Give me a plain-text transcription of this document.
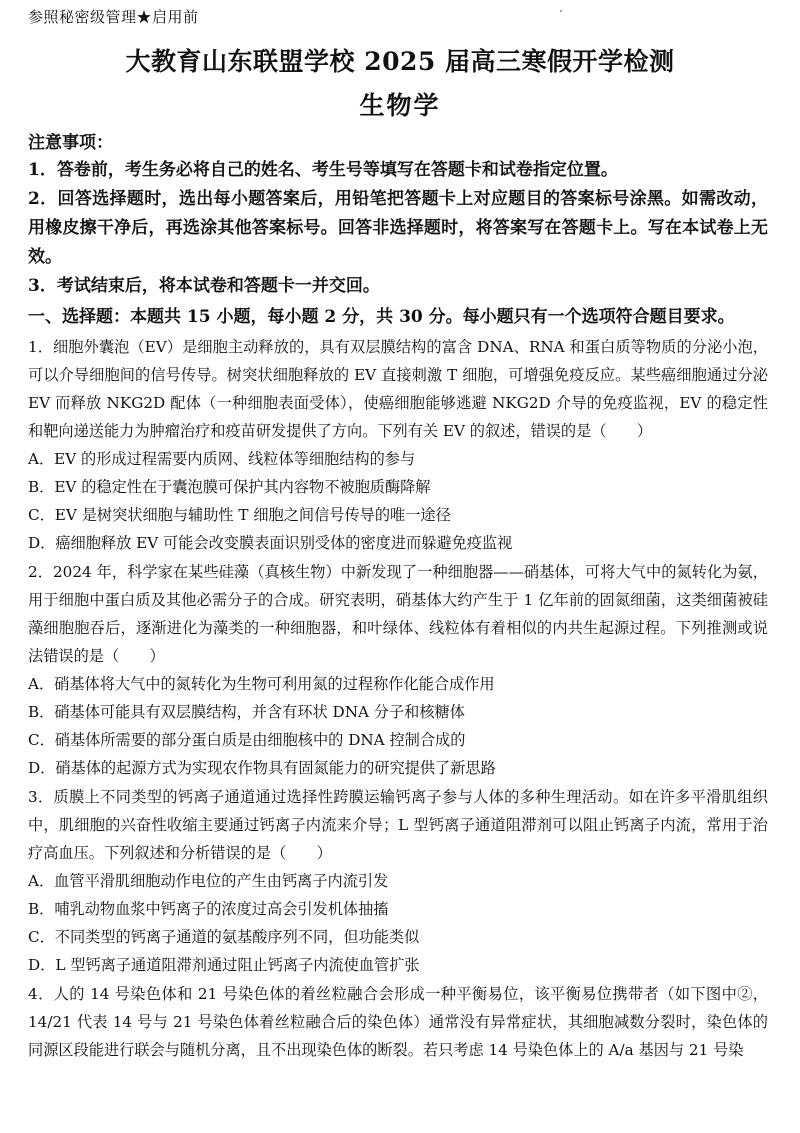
参照秘密级管理★启用前
大教育山东联盟学校 2025 届高三寒假开学检测
生物学
注意事项：
1．答卷前，考生务必将自己的姓名、考生号等填写在答题卡和试卷指定位置。
2．回答选择题时，选出每小题答案后，用铅笔把答题卡上对应题目的答案标号涂黑。如需改动，用橡皮擦干净后，再选涂其他答案标号。回答非选择题时，将答案写在答题卡上。写在本试卷上无效。
3．考试结束后，将本试卷和答题卡一并交回。
一、选择题：本题共 15 小题，每小题 2 分，共 30 分。每小题只有一个选项符合题目要求。
1．细胞外囊泡（EV）是细胞主动释放的，具有双层膜结构的富含 DNA、RNA 和蛋白质等物质的分泌小泡，可以介导细胞间的信号传导。树突状细胞释放的 EV 直接刺激 T 细胞，可增强免疫反应。某些癌细胞通过分泌 EV 而释放 NKG2D 配体（一种细胞表面受体），使癌细胞能够逃避 NKG2D 介导的免疫监视，EV 的稳定性和靶向递送能力为肿瘤治疗和疫苗研发提供了方向。下列有关 EV 的叙述，错误的是（　　）
A．EV 的形成过程需要内质网、线粒体等细胞结构的参与
B．EV 的稳定性在于囊泡膜可保护其内容物不被胞质酶降解
C．EV 是树突状细胞与辅助性 T 细胞之间信号传导的唯一途径
D．癌细胞释放 EV 可能会改变膜表面识别受体的密度进而躲避免疫监视
2．2024 年，科学家在某些硅藻（真核生物）中新发现了一种细胞器——硝基体，可将大气中的氮转化为氨，用于细胞中蛋白质及其他必需分子的合成。研究表明，硝基体大约产生于 1 亿年前的固氮细菌，这类细菌被硅藻细胞胞吞后，逐渐进化为藻类的一种细胞器，和叶绿体、线粒体有着相似的内共生起源过程。下列推测或说法错误的是（　　）
A．硝基体将大气中的氮转化为生物可利用氮的过程称作化能合成作用
B．硝基体可能具有双层膜结构，并含有环状 DNA 分子和核糖体
C．硝基体所需要的部分蛋白质是由细胞核中的 DNA 控制合成的
D．硝基体的起源方式为实现农作物具有固氮能力的研究提供了新思路
3．质膜上不同类型的钙离子通道通过选择性跨膜运输钙离子参与人体的多种生理活动。如在许多平滑肌组织中，肌细胞的兴奋性收缩主要通过钙离子内流来介导；L 型钙离子通道阻滞剂可以阻止钙离子内流，常用于治疗高血压。下列叙述和分析错误的是（　　）
A．血管平滑肌细胞动作电位的产生由钙离子内流引发
B．哺乳动物血浆中钙离子的浓度过高会引发机体抽搐
C．不同类型的钙离子通道的氨基酸序列不同，但功能类似
D．L 型钙离子通道阻滞剂通过阻止钙离子内流使血管扩张
4．人的 14 号染色体和 21 号染色体的着丝粒融合会形成一种平衡易位，该平衡易位携带者（如下图中②，14/21 代表 14 号与 21 号染色体着丝粒融合后的染色体）通常没有异常症状，其细胞减数分裂时，染色体的同源区段能进行联会与随机分离，且不出现染色体的断裂。若只考虑 14 号染色体上的 A/a 基因与 21 号染
